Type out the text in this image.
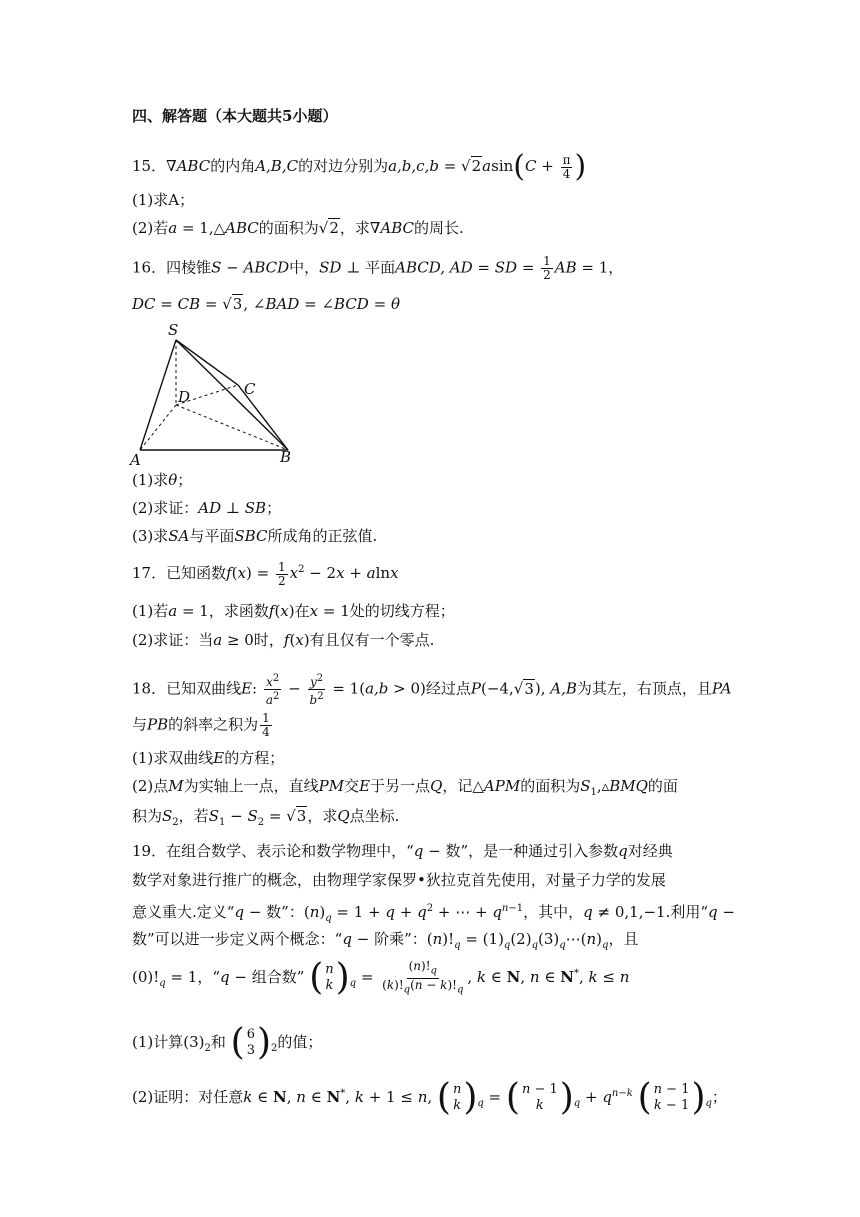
四、解答题（本大题共5小题）
15．∇ABC的内角A,B,C的对边分别为$a,b,c,b = √2asin(C + \frac{\pi}{4}$ )
(1)求A；
(2)若a = 1,△ABC的面积为√2，求∇ABC的周长.
16．四棱锥S − ABCD中，SD ⊥ 平面ABCD, AD = SD = $\frac{1}{2}$ AB = 1，
DC = CB = √3, ∠BAD = ∠BCD = θ
S
C
D
A	B
(1)求θ；
(2)求证：AD ⊥ SB；
(3)求SA与平面SBC所成角的正弦值.
17．已知函数$f(x) = \frac{1}{2} x^2 - 2x + alnx$
(1)若a = 1，求函数f(x)在x = 1处的切线方程；
(2)求证：当a ≥ 0时，f(x)有且仅有一个零点.
18．已知双曲线E: $\frac{x^2}{a^2} - \frac{y^2}{b^2} = 1(a,b > 0)$经过点P(−4,√3), A,B为其左，右顶点，且PA
与PB的斜率之积为 $\frac{1}{4}$
(1)求双曲线E的方程；
(2)点M为实轴上一点，直线PM交E于另一点Q，记△APM的面积为$S_1,▵BMQ$的面
积为$S_2$，若$S_1 - S_2 = √3$，求Q点坐标.
19．在组合数学、表示论和数学物理中，“q − 数”，是一种通过引入参数q对经典
数学对象进行推广的概念，由物理学家保罗•狄拉克首先使用，对量子力学的发展
意义重大.定义“q − 数”：$(n)_q = 1 + q + q^2$ + ⋯ + $q^{n-1}$，其中，q ≠ 0,1,−1.利用“q −
数”可以进一步定义两个概念：“q − 阶乘”：$(n)!_q$ = $(1)_q(2)_q(3)_q\cdots(n)_q$，且
$(0)!_q = 1$，“q − 组合数” ( n
k ) $_q = \frac{(n)!_q}{(k)!_q(n - k)!_q}$ , k ∈ N, n ∈ N*, k ≤ n
(1)计算$(3)_2$和 ( 6
3 ) $_2$的值；
(2)证明：对任意k ∈ N, n ∈ N*, k + 1 ≤ n, ( n
k ) $_q$ = ( n − 1
k ) $_q + q^{n-k}$ ( n − 1
k − 1 ) $_q$；
